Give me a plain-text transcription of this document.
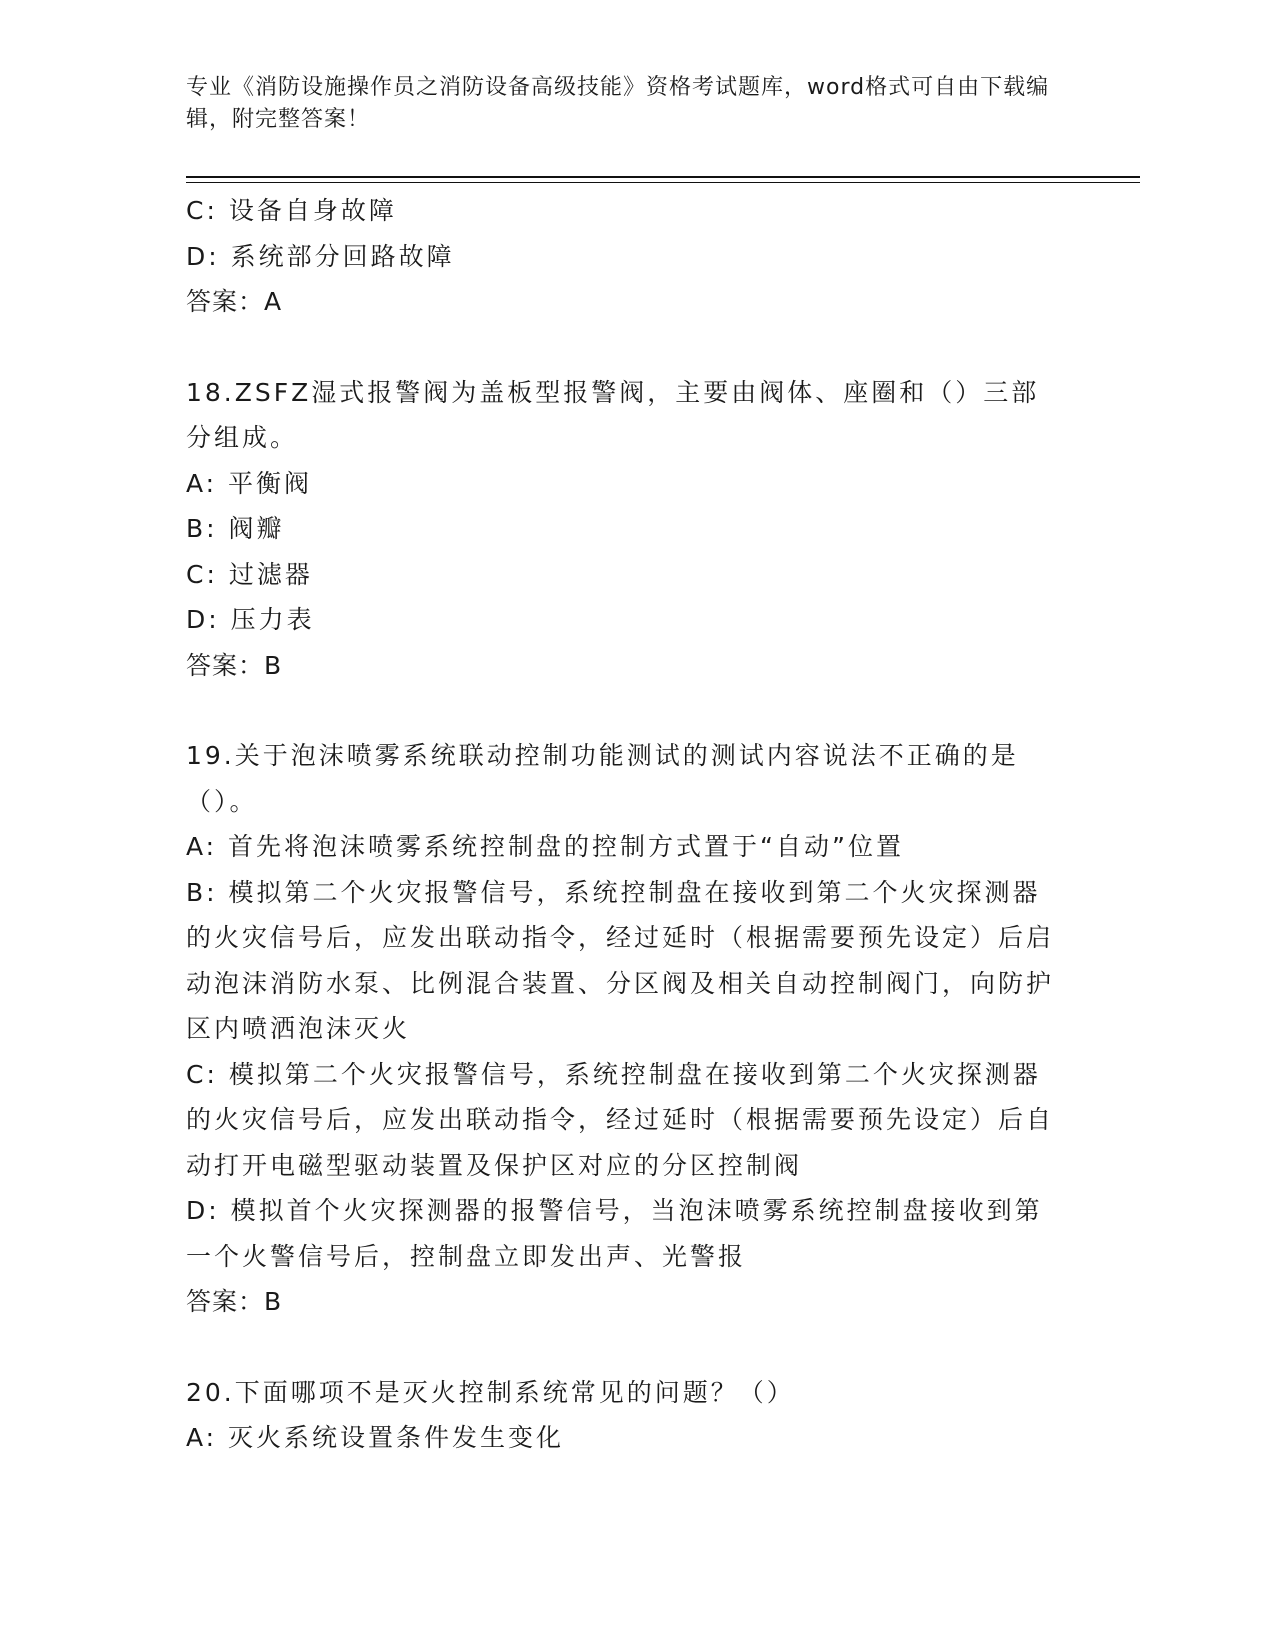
专业《消防设施操作员之消防设备高级技能》资格考试题库，word格式可自由下载编辑，附完整答案！
C: 设备自身故障
D: 系统部分回路故障
答案：A
18.ZSFZ湿式报警阀为盖板型报警阀，主要由阀体、座圈和（）三部分组成。
A: 平衡阀
B: 阀瓣
C: 过滤器
D: 压力表
答案：B
19.关于泡沫喷雾系统联动控制功能测试的测试内容说法不正确的是（）。
A: 首先将泡沫喷雾系统控制盘的控制方式置于“自动”位置
B: 模拟第二个火灾报警信号，系统控制盘在接收到第二个火灾探测器的火灾信号后，应发出联动指令，经过延时（根据需要预先设定）后启动泡沫消防水泵、比例混合装置、分区阀及相关自动控制阀门，向防护区内喷洒泡沫灭火
C: 模拟第二个火灾报警信号，系统控制盘在接收到第二个火灾探测器的火灾信号后，应发出联动指令，经过延时（根据需要预先设定）后自动打开电磁型驱动装置及保护区对应的分区控制阀
D: 模拟首个火灾探测器的报警信号，当泡沫喷雾系统控制盘接收到第一个火警信号后，控制盘立即发出声、光警报
答案：B
20.下面哪项不是灭火控制系统常见的问题？（）
A: 灭火系统设置条件发生变化
